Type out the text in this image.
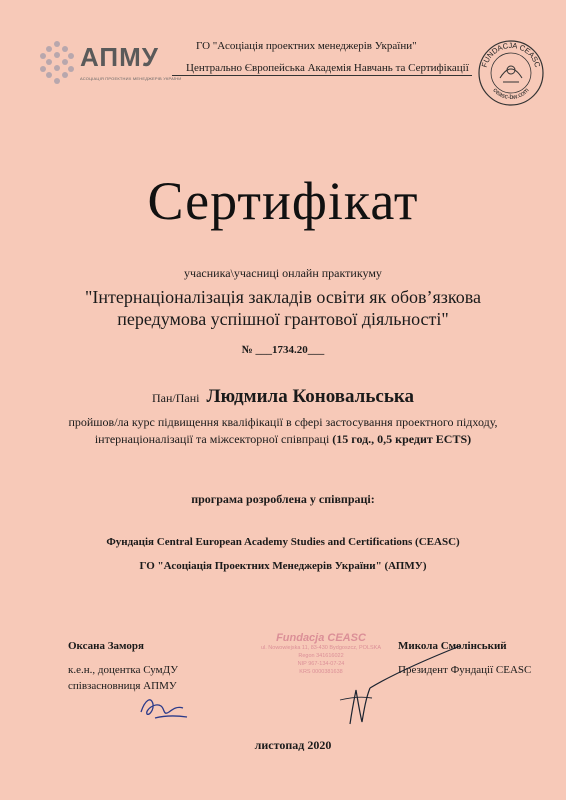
АПМУ
АСОЦІАЦІЯ ПРОЕКТНИХ МЕНЕДЖЕРІВ УКРАЇНИ
ГО "Асоціація проектних менеджерів України"
Центрально Європейська Академія Навчань та Сертифікації FUNDACJA CEASC
ceasc-bw.com
Сертифікат
учасника\учасниці онлайн практикуму
"Інтернаціоналізація закладів освіти як обов’язкова передумова успішної грантової діяльності"
№ ___1734.20___
Пан/Пані Людмила Коновальська
пройшов/ла курс підвищення кваліфікації в сфері застосування проектного підходу, інтернаціоналізації та міжсекторної співпраці (15 год., 0,5 кредит ECTS)
програма розроблена у співпраці:
Фундація Central European Academy Studies and Certifications (CEASC)
ГО "Асоціація Проектних Менеджерів України" (АПМУ)
Оксана Заморя
к.е.н., доцентка СумДУ
співзасновниця АПМУ
Микола Смолінський
Президент Фундації CEASC
Fundacja CEASC
ul. Nowowiejska 11, 83-430 Bydgoszcz, POLSKA
Regon 341616022
NIP 967-134-07-24
KRS 0000381638
листопад 2020
